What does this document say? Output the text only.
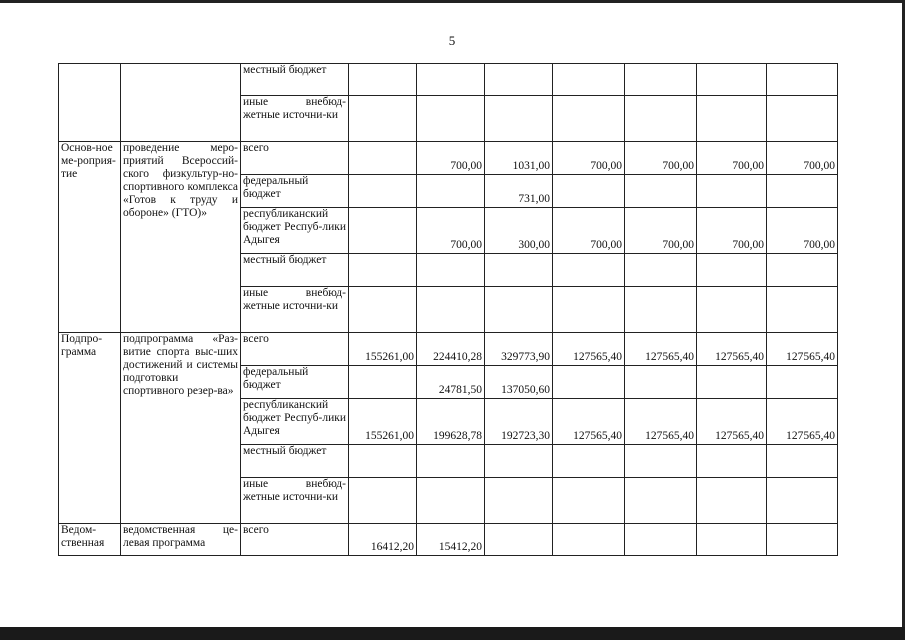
5
		местный бюджет							
		иные внебюд-жетные источни-ки							
Основ-ное ме-роприя-тие	проведение меро-приятий Всероссий-ского физкультур-но-спортивного комплекса «Готов к труду и обороне» (ГТО)»	всего		700,00	1031,00	700,00	700,00	700,00	700,00
		федеральный бюджет			731,00				
		республиканский бюджет Респуб-лики Адыгея		700,00	300,00	700,00	700,00	700,00	700,00
		местный бюджет							
		иные внебюд-жетные источни-ки							
Подпро-грамма	подпрограмма «Раз-витие спорта выс-ших достижений и системы подготовки спортивного резер-ва»	всего	155261,00	224410,28	329773,90	127565,40	127565,40	127565,40	127565,40
		федеральный бюджет		24781,50	137050,60				
		республиканский бюджет Респуб-лики Адыгея	155261,00	199628,78	192723,30	127565,40	127565,40	127565,40	127565,40
		местный бюджет							
		иные внебюд-жетные источни-ки							
Ведом-ственная	ведомственная це-левая программа	всего	16412,20	15412,20					
